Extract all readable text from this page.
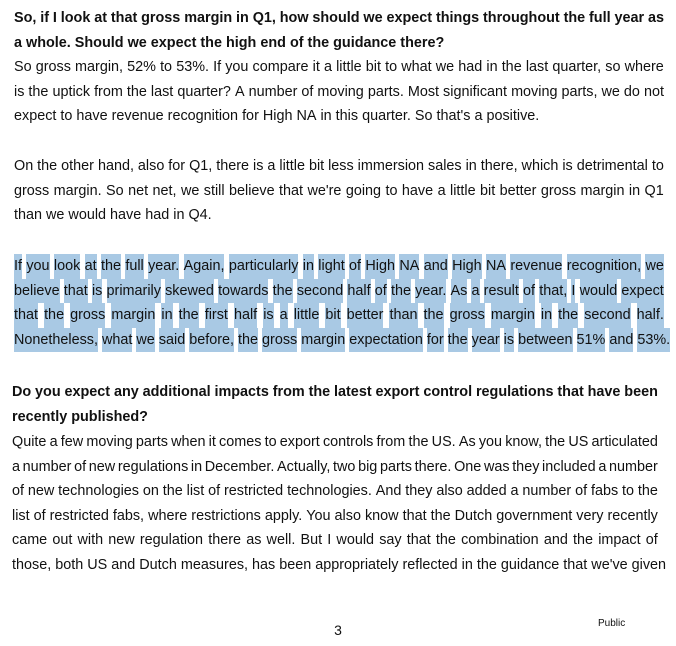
So, if I look at that gross margin in Q1, how should we expect things throughout the full year as
a whole. Should we expect the high end of the guidance there?
So gross margin, 52% to 53%. If you compare it a little bit to what we had in the last quarter, so where
is the uptick from the last quarter? A number of moving parts. Most significant moving parts, we do not
expect to have revenue recognition for High NA in this quarter. So that's a positive.
On the other hand, also for Q1, there is a little bit less immersion sales in there, which is detrimental to
gross margin. So net net, we still believe that we're going to have a little bit better gross margin in Q1
than we would have had in Q4.
If you look at the full year. Again, particularly in light of High NA and High NA revenue recognition, we
believe that is primarily skewed towards the second half of the year. As a result of that, I would expect
that the gross margin in the first half is a little bit better than the gross margin in the second half.
Nonetheless, what we said before, the gross margin expectation for the year is between 51% and 53%.
Do you expect any additional impacts from the latest export control regulations that have been
recently published?
Quite a few moving parts when it comes to export controls from the US. As you know, the US articulated
a number of new regulations in December. Actually, two big parts there. One was they included a number
of new technologies on the list of restricted technologies. And they also added a number of fabs to the
list of restricted fabs, where restrictions apply. You also know that the Dutch government very recently
came out with new regulation there as well. But I would say that the combination and the impact of
those, both US and Dutch measures, has been appropriately reflected in the guidance that we've given
3	Public
